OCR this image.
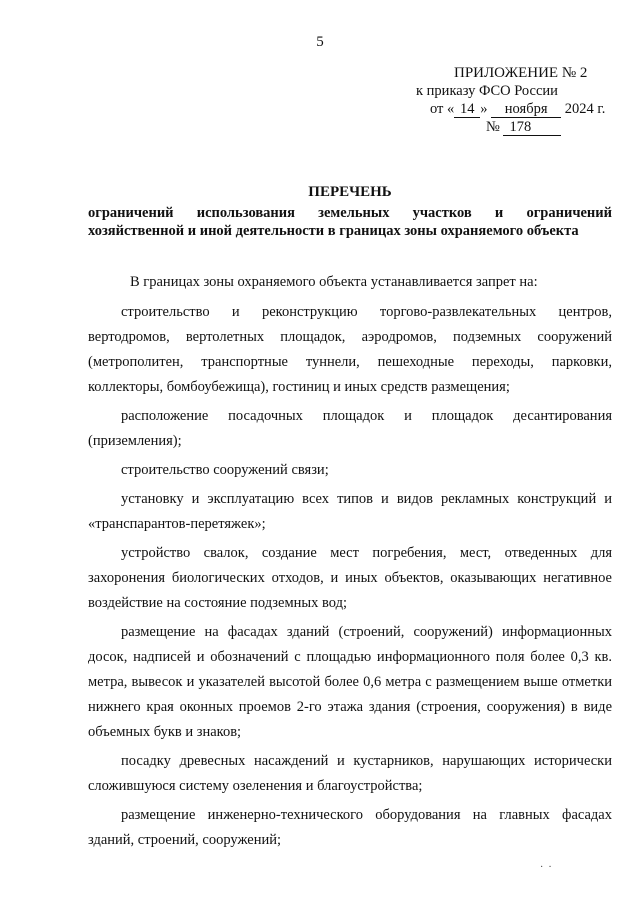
5
ПРИЛОЖЕНИЕ № 2
к приказу ФСО России
от « 14 » ноября 2024 г.
№ 178
ПЕРЕЧЕНЬ
ограничений использования земельных участков и ограничений
хозяйственной и иной деятельности в границах зоны охраняемого объекта

В границах зоны охраняемого объекта устанавливается запрет на:

строительство и реконструкцию торгово-развлекательных центров, вертодромов, вертолетных площадок, аэродромов, подземных сооружений (метрополитен, транспортные туннели, пешеходные переходы, парковки, коллекторы, бомбоубежища), гостиниц и иных средств размещения;

расположение посадочных площадок и площадок десантирования (приземления);

строительство сооружений связи;

установку и эксплуатацию всех типов и видов рекламных конструкций и «транспарантов-перетяжек»;

устройство свалок, создание мест погребения, мест, отведенных для захоронения биологических отходов, и иных объектов, оказывающих негативное воздействие на состояние подземных вод;

размещение на фасадах зданий (строений, сооружений) информационных досок, надписей и обозначений с площадью информационного поля более 0,3 кв. метра, вывесок и указателей высотой более 0,6 метра с размещением выше отметки нижнего края оконных проемов 2-го этажа здания (строения, сооружения) в виде объемных букв и знаков;

посадку древесных насаждений и кустарников, нарушающих исторически сложившуюся систему озеленения и благоустройства;

размещение инженерно-технического оборудования на главных фасадах зданий, строений, сооружений;

·  ·
